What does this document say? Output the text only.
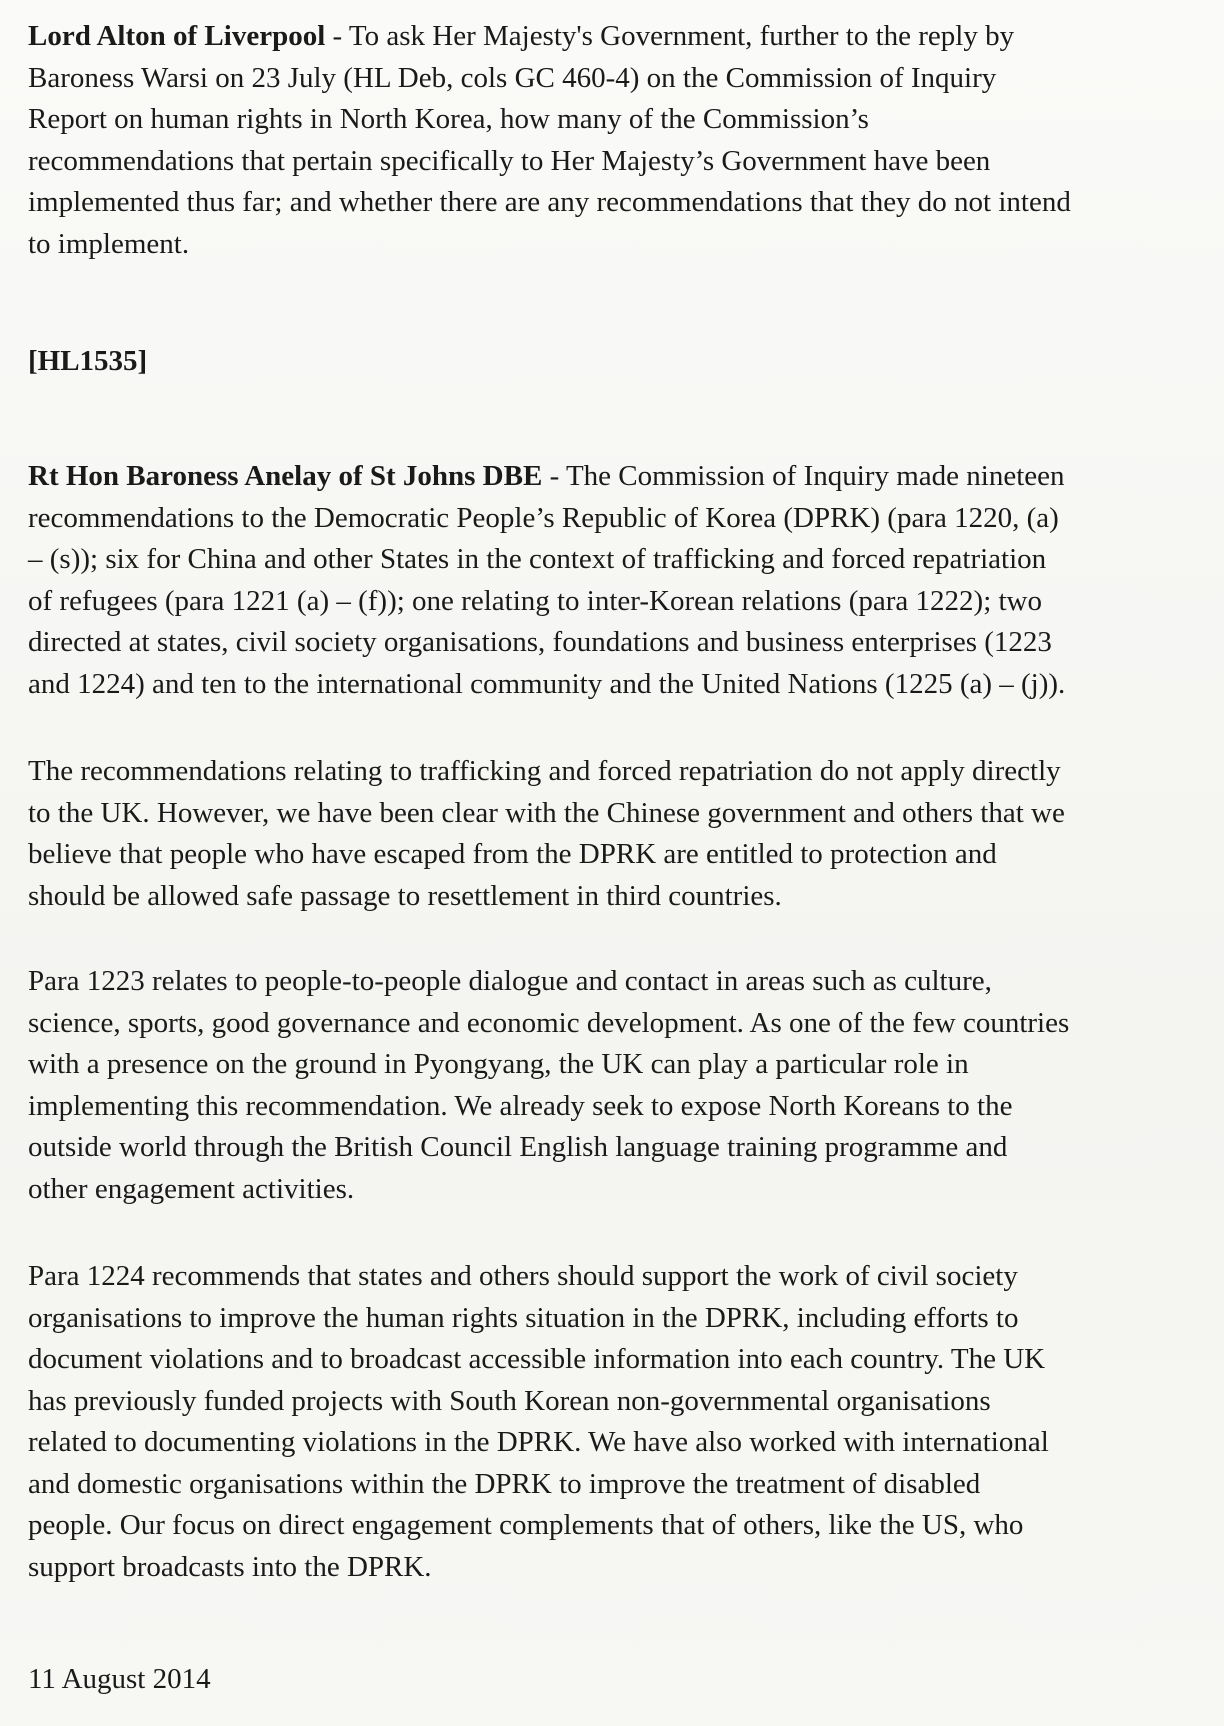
Lord Alton of Liverpool - To ask Her Majesty's Government, further to the reply by
Baroness Warsi on 23 July (HL Deb, cols GC 460-4) on the Commission of Inquiry
Report on human rights in North Korea, how many of the Commission’s
recommendations that pertain specifically to Her Majesty’s Government have been
implemented thus far; and whether there are any recommendations that they do not intend
to implement.

[HL1535]

Rt Hon Baroness Anelay of St Johns DBE - The Commission of Inquiry made nineteen
recommendations to the Democratic People’s Republic of Korea (DPRK) (para 1220, (a)
– (s)); six for China and other States in the context of trafficking and forced repatriation
of refugees (para 1221 (a) – (f)); one relating to inter-Korean relations (para 1222); two
directed at states, civil society organisations, foundations and business enterprises (1223
and 1224) and ten to the international community and the United Nations (1225 (a) – (j)).

The recommendations relating to trafficking and forced repatriation do not apply directly
to the UK. However, we have been clear with the Chinese government and others that we
believe that people who have escaped from the DPRK are entitled to protection and
should be allowed safe passage to resettlement in third countries.

Para 1223 relates to people-to-people dialogue and contact in areas such as culture,
science, sports, good governance and economic development. As one of the few countries
with a presence on the ground in Pyongyang, the UK can play a particular role in
implementing this recommendation. We already seek to expose North Koreans to the
outside world through the British Council English language training programme and
other engagement activities.

Para 1224 recommends that states and others should support the work of civil society
organisations to improve the human rights situation in the DPRK, including efforts to
document violations and to broadcast accessible information into each country. The UK
has previously funded projects with South Korean non-governmental organisations
related to documenting violations in the DPRK. We have also worked with international
and domestic organisations within the DPRK to improve the treatment of disabled
people. Our focus on direct engagement complements that of others, like the US, who
support broadcasts into the DPRK.

11 August 2014
